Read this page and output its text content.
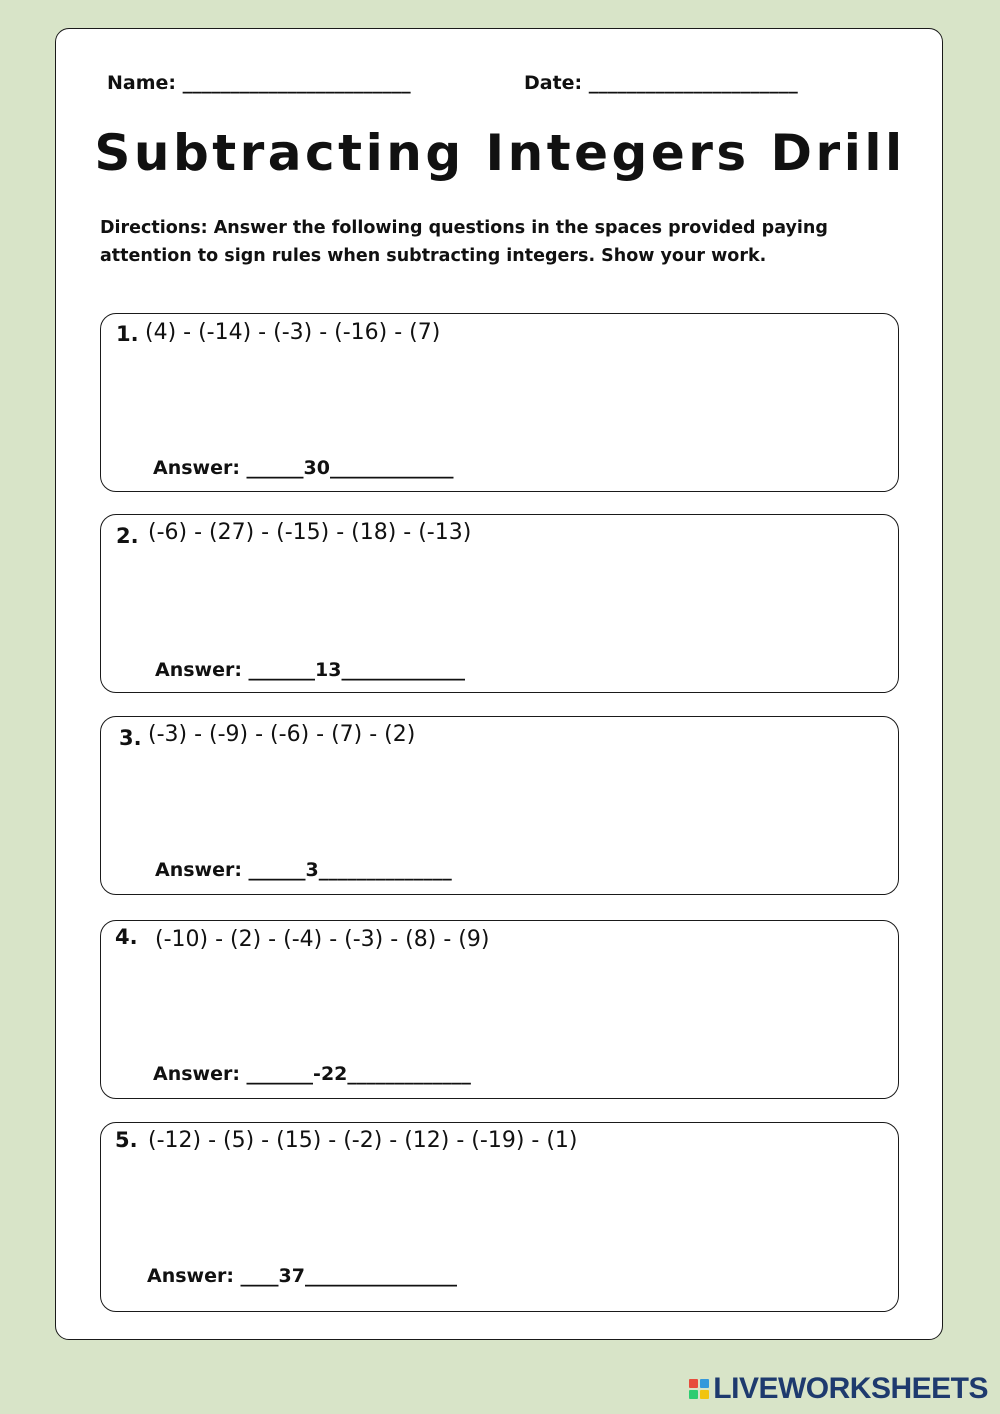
Name: ________________________	Date: ______________________
Subtracting Integers Drill
Directions: Answer the following questions in the spaces provided paying attention to sign rules when subtracting integers. Show your work.
1. (4) - (-14) - (-3) - (-16) - (7)
Answer: ______30_____________
2. (-6) - (27) - (-15) - (18) - (-13)
Answer: _______13_____________
3. (-3) - (-9) - (-6) - (7) - (2)
Answer: ______3______________
4. (-10) - (2) - (-4) - (-3) - (8) - (9)
Answer: _______-22_____________
5. (-12) - (5) - (15) - (-2) - (12) - (-19) - (1)
Answer: ____37________________
LIVEWORKSHEETS
